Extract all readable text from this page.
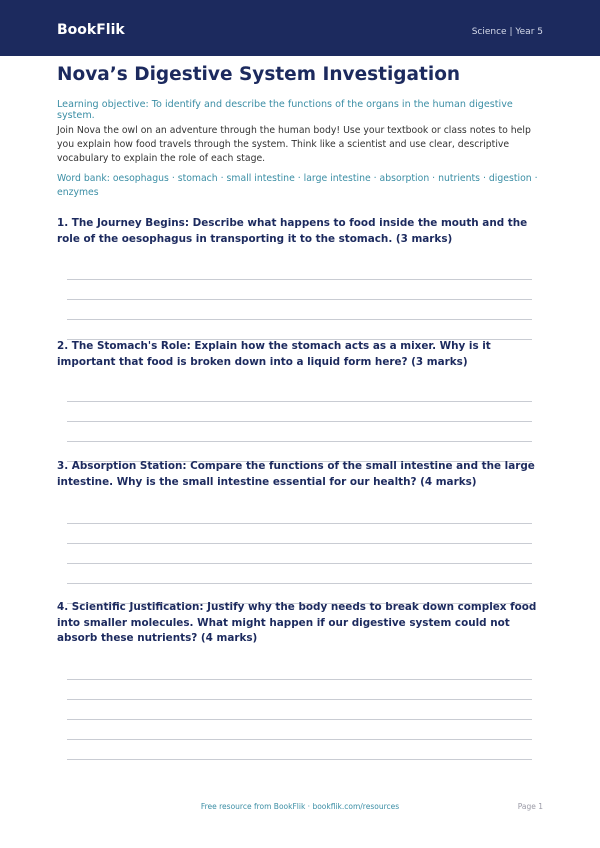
BookFlik	Science | Year 5
Nova’s Digestive System Investigation

Learning objective: To identify and describe the functions of the organs in the human digestive system.

Join Nova the owl on an adventure through the human body! Use your textbook or class notes to help you explain how food travels through the system. Think like a scientist and use clear, descriptive vocabulary to explain the role of each stage.

Word bank: oesophagus · stomach · small intestine · large intestine · absorption · nutrients · digestion · enzymes

1. The Journey Begins: Describe what happens to food inside the mouth and the role of the oesophagus in transporting it to the stomach. (3 marks)

2. The Stomach's Role: Explain how the stomach acts as a mixer. Why is it important that food is broken down into a liquid form here? (3 marks)

3. Absorption Station: Compare the functions of the small intestine and the large intestine. Why is the small intestine essential for our health? (4 marks)

4. Scientific Justification: Justify why the body needs to break down complex food into smaller molecules. What might happen if our digestive system could not absorb these nutrients? (4 marks)

Free resource from BookFlik · bookflik.com/resources	Page 1
